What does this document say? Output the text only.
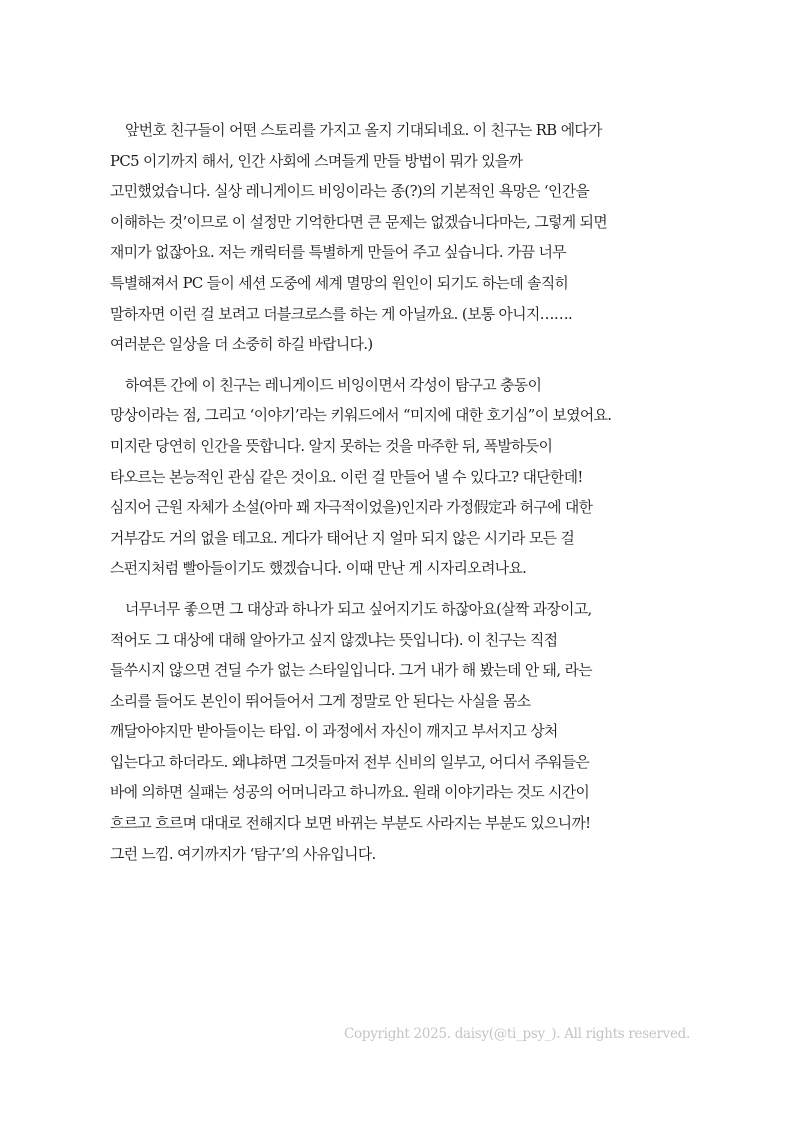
앞번호 친구들이 어떤 스토리를 가지고 올지 기대되네요. 이 친구는 RB 에다가
PC5 이기까지 해서, 인간 사회에 스며들게 만들 방법이 뭐가 있을까
고민했었습니다. 실상 레니게이드 비잉이라는 종(?)의 기본적인 욕망은 ‘인간을
이해하는 것’이므로 이 설정만 기억한다면 큰 문제는 없겠습니다마는, 그렇게 되면
재미가 없잖아요. 저는 캐릭터를 특별하게 만들어 주고 싶습니다. 가끔 너무
특별해져서 PC 들이 세션 도중에 세계 멸망의 원인이 되기도 하는데 솔직히
말하자면 이런 걸 보려고 더블크로스를 하는 게 아닐까요. (보통 아니지…….
여러분은 일상을 더 소중히 하길 바랍니다.)
하여튼 간에 이 친구는 레니게이드 비잉이면서 각성이 탐구고 충동이
망상이라는 점, 그리고 ‘이야기’라는 키워드에서 “미지에 대한 호기심”이 보였어요.
미지란 당연히 인간을 뜻합니다. 알지 못하는 것을 마주한 뒤, 폭발하듯이
타오르는 본능적인 관심 같은 것이요. 이런 걸 만들어 낼 수 있다고? 대단한데!
심지어 근원 자체가 소설(아마 꽤 자극적이었을)인지라 가정假定과 허구에 대한
거부감도 거의 없을 테고요. 게다가 태어난 지 얼마 되지 않은 시기라 모든 걸
스펀지처럼 빨아들이기도 했겠습니다. 이때 만난 게 시자리오려나요.
너무너무 좋으면 그 대상과 하나가 되고 싶어지기도 하잖아요(살짝 과장이고,
적어도 그 대상에 대해 알아가고 싶지 않겠냐는 뜻입니다). 이 친구는 직접
들쑤시지 않으면 견딜 수가 없는 스타일입니다. 그거 내가 해 봤는데 안 돼, 라는
소리를 들어도 본인이 뛰어들어서 그게 정말로 안 된다는 사실을 몸소
깨달아야지만 받아들이는 타입. 이 과정에서 자신이 깨지고 부서지고 상처
입는다고 하더라도. 왜냐하면 그것들마저 전부 신비의 일부고, 어디서 주워들은
바에 의하면 실패는 성공의 어머니라고 하니까요. 원래 이야기라는 것도 시간이
흐르고 흐르며 대대로 전해지다 보면 바뀌는 부분도 사라지는 부분도 있으니까!
그런 느낌. 여기까지가 ‘탐구’의 사유입니다.
Copyright 2025. daisy(@ti_psy_). All rights reserved.
